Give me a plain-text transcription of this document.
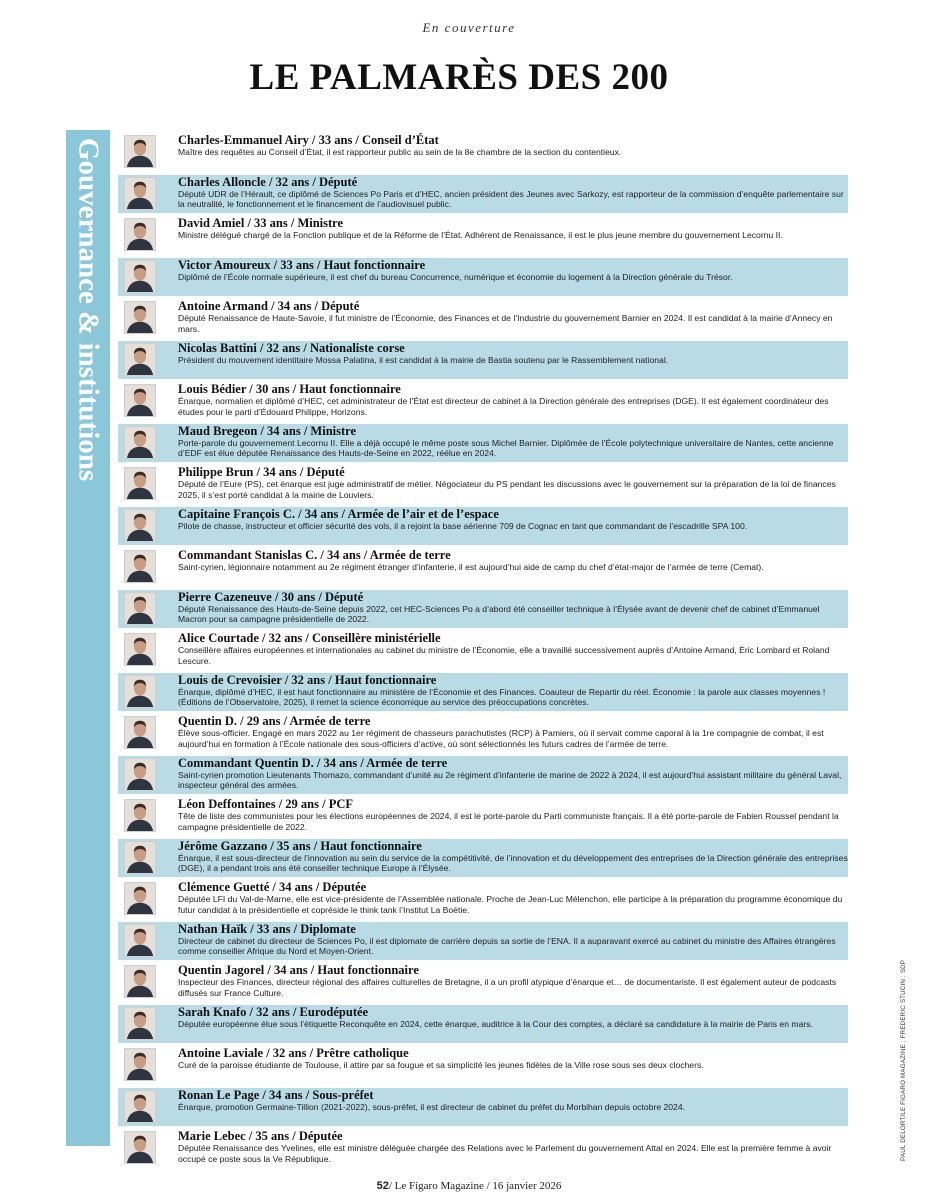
En couverture
LE PALMARÈS DES 200
Gouvernance & institutions	Charles-Emmanuel Airy / 33 ans / Conseil d’État
Maître des requêtes au Conseil d’État, il est rapporteur public au sein de la 8e chambre de la section du contentieux.
Charles Alloncle / 32 ans / Député
Député UDR de l’Hérault, ce diplômé de Sciences Po Paris et d’HEC, ancien président des Jeunes avec Sarkozy, est rapporteur de la commission d’enquête parlementaire sur la neutralité, le fonctionnement et le financement de l’audiovisuel public.
David Amiel / 33 ans / Ministre
Ministre délégué chargé de la Fonction publique et de la Réforme de l’État. Adhérent de Renaissance, il est le plus jeune membre du gouvernement Lecornu II.
Victor Amoureux / 33 ans / Haut fonctionnaire
Diplômé de l’École normale supérieure, il est chef du bureau Concurrence, numérique et économie du logement à la Direction générale du Trésor.
Antoine Armand / 34 ans / Député
Député Renaissance de Haute-Savoie, il fut ministre de l’Économie, des Finances et de l’Industrie du gouvernement Barnier en 2024. Il est candidat à la mairie d’Annecy en mars.
Nicolas Battini / 32 ans / Nationaliste corse
Président du mouvement identitaire Mossa Palatina, il est candidat à la mairie de Bastia soutenu par le Rassemblement national.
Louis Bédier / 30 ans / Haut fonctionnaire
Énarque, normalien et diplômé d’HEC, cet administrateur de l’État est directeur de cabinet à la Direction générale des entreprises (DGE). Il est également coordinateur des études pour le parti d’Édouard Philippe, Horizons.
Maud Bregeon / 34 ans / Ministre
Porte-parole du gouvernement Lecornu II. Elle a déjà occupé le même poste sous Michel Barnier. Diplômée de l’École polytechnique universitaire de Nantes, cette ancienne d’EDF est élue députée Renaissance des Hauts-de-Seine en 2022, réélue en 2024.
Philippe Brun / 34 ans / Député
Député de l’Eure (PS), cet énarque est juge administratif de métier. Négociateur du PS pendant les discussions avec le gouvernement sur la préparation de la loi de finances 2025, il s’est porté candidat à la mairie de Louviers.
Capitaine François C. / 34 ans / Armée de l’air et de l’espace
Pilote de chasse, instructeur et officier sécurité des vols, il a rejoint la base aérienne 709 de Cognac en tant que commandant de l’escadrille SPA 100.
Commandant Stanislas C. / 34 ans / Armée de terre
Saint-cyrien, légionnaire notamment au 2e régiment étranger d’infanterie, il est aujourd’hui aide de camp du chef d’état-major de l’armée de terre (Cemat).
Pierre Cazeneuve / 30 ans / Député
Député Renaissance des Hauts-de-Seine depuis 2022, cet HEC-Sciences Po a d’abord été conseiller technique à l’Élysée avant de devenir chef de cabinet d’Emmanuel Macron pour sa campagne présidentielle de 2022.
Alice Courtade / 32 ans / Conseillère ministérielle
Conseillère affaires européennes et internationales au cabinet du ministre de l’Économie, elle a travaillé successivement auprès d’Antoine Armand, Éric Lombard et Roland Lescure.
Louis de Crevoisier / 32 ans / Haut fonctionnaire
Énarque, diplômé d’HEC, il est haut fonctionnaire au ministère de l’Économie et des Finances. Coauteur de Repartir du réel. Économie : la parole aux classes moyennes ! (Éditions de l’Observatoire, 2025), il remet la science économique au service des préoccupations concrètes.
Quentin D. / 29 ans / Armée de terre
Élève sous-officier. Engagé en mars 2022 au 1er régiment de chasseurs parachutistes (RCP) à Pamiers, où il servait comme caporal à la 1re compagnie de combat, il est aujourd’hui en formation à l’École nationale des sous-officiers d’active, où sont sélectionnés les futurs cadres de l’armée de terre.
Commandant Quentin D. / 34 ans / Armée de terre
Saint-cyrien promotion Lieutenants Thomazo, commandant d’unité au 2e régiment d’infanterie de marine de 2022 à 2024, il est aujourd’hui assistant militaire du général Laval, inspecteur général des armées.
Léon Deffontaines / 29 ans / PCF
Tête de liste des communistes pour les élections européennes de 2024, il est le porte-parole du Parti communiste français. Il a été porte-parole de Fabien Roussel pendant la campagne présidentielle de 2022.
Jérôme Gazzano / 35 ans / Haut fonctionnaire
Énarque, il est sous-directeur de l’innovation au sein du service de la compétitivité, de l’innovation et du développement des entreprises de la Direction générale des entreprises (DGE), il a pendant trois ans été conseiller technique Europe à l’Élysée.
Clémence Guetté / 34 ans / Députée
Députée LFI du Val-de-Marne, elle est vice-présidente de l’Assemblée nationale. Proche de Jean-Luc Mélenchon, elle participe à la préparation du programme économique du futur candidat à la présidentielle et copréside le think tank l’Institut La Boétie.
Nathan Haïk / 33 ans / Diplomate
Directeur de cabinet du directeur de Sciences Po, il est diplomate de carrière depuis sa sortie de l’ENA. Il a auparavant exercé au cabinet du ministre des Affaires étrangères comme conseiller Afrique du Nord et Moyen-Orient.
Quentin Jagorel / 34 ans / Haut fonctionnaire
Inspecteur des Finances, directeur régional des affaires culturelles de Bretagne, il a un profil atypique d’énarque et… de documentariste. Il est également auteur de podcasts diffusés sur France Culture.
Sarah Knafo / 32 ans / Eurodéputée
Députée européenne élue sous l’étiquette Reconquête en 2024, cette énarque, auditrice à la Cour des comptes, a déclaré sa candidature à la mairie de Paris en mars.
Antoine Laviale / 32 ans / Prêtre catholique
Curé de la paroisse étudiante de Toulouse, il attire par sa fougue et sa simplicité les jeunes fidèles de la Ville rose sous ses deux clochers.
Ronan Le Page / 34 ans / Sous-préfet
Énarque, promotion Germaine-Tillion (2021-2022), sous-préfet, il est directeur de cabinet du préfet du Morbihan depuis octobre 2024.
Marie Lebec / 35 ans / Députée
Députée Renaissance des Yvelines, elle est ministre déléguée chargée des Relations avec le Parlement du gouvernement Attal en 2024. Elle est la première femme à avoir occupé ce poste sous la Ve République.	PAUL DELORT/LE FIGARO MAGAZINE ; FRÉDÉRIC STUCIN ; SDP
52/ Le Figaro Magazine / 16 janvier 2026
